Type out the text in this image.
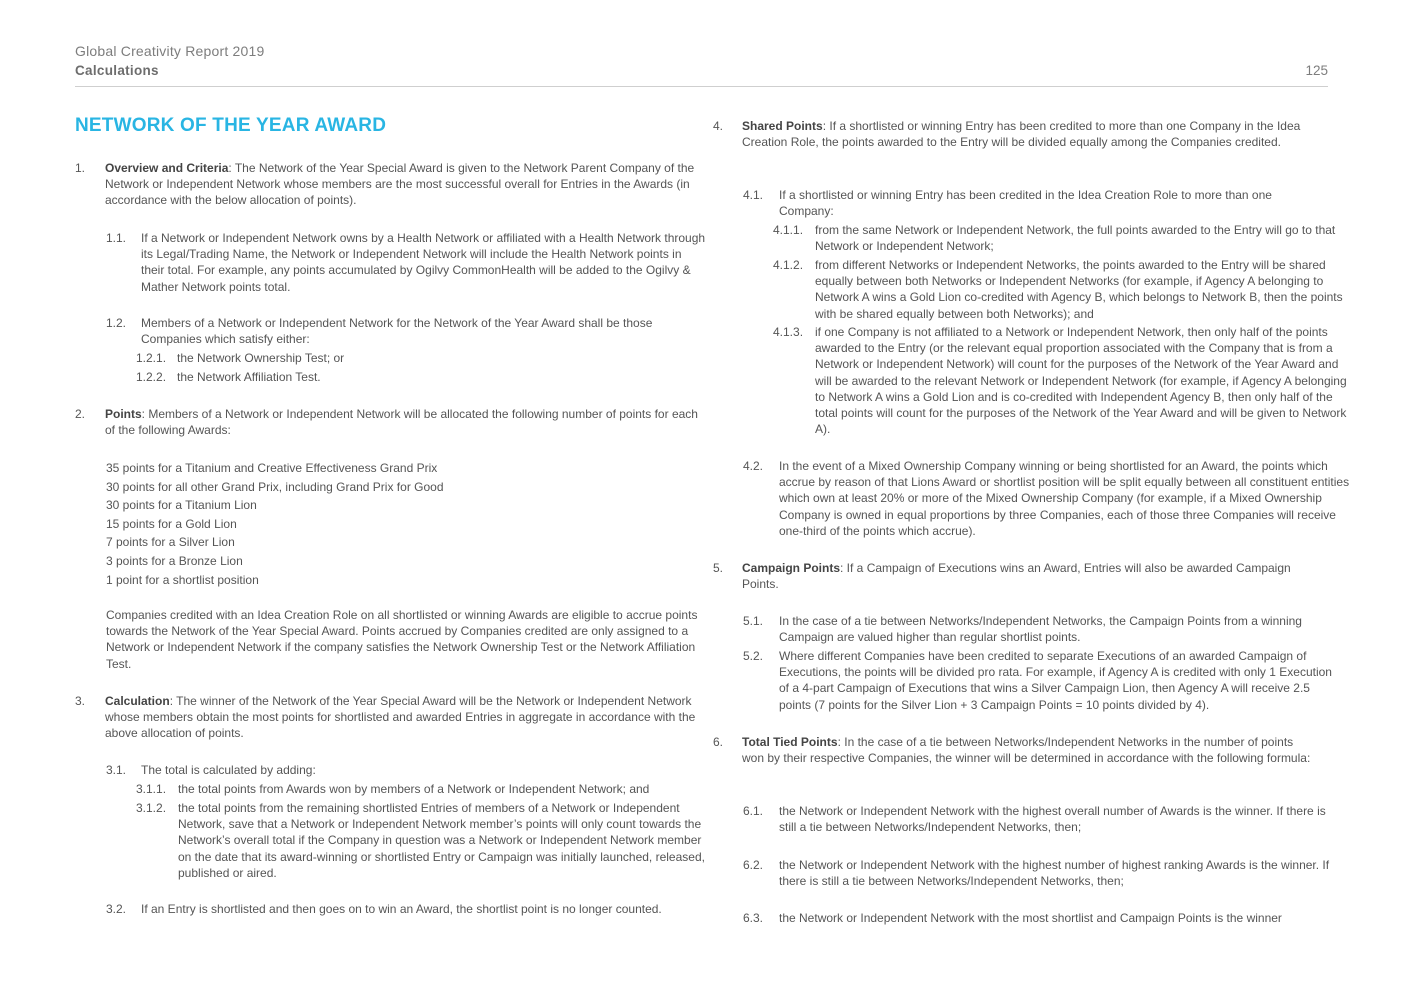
Global Creativity Report 2019
Calculations	125
NETWORK OF THE YEAR AWARD
1.	Overview and Criteria: The Network of the Year Special Award is given to the Network Parent Company of the Network or Independent Network whose members are the most successful overall for Entries in the Awards (in accordance with the below allocation of points).
1.1.	If a Network or Independent Network owns by a Health Network or affiliated with a Health Network through its Legal/Trading Name, the Network or Independent Network will include the Health Network points in their total. For example, any points accumulated by Ogilvy CommonHealth will be added to the Ogilvy & Mather Network points total.
1.2.	Members of a Network or Independent Network for the Network of the Year Award shall be those Companies which satisfy either:
1.2.1. the Network Ownership Test; or
1.2.2. the Network Affiliation Test.
2.	Points: Members of a Network or Independent Network will be allocated the following number of points for each of the following Awards:
35 points for a Titanium and Creative Effectiveness Grand Prix
30 points for all other Grand Prix, including Grand Prix for Good
30 points for a Titanium Lion
15 points for a Gold Lion
7 points for a Silver Lion
3 points for a Bronze Lion
1 point for a shortlist position
Companies credited with an Idea Creation Role on all shortlisted or winning Awards are eligible to accrue points towards the Network of the Year Special Award. Points accrued by Companies credited are only assigned to a Network or Independent Network if the company satisfies the Network Ownership Test or the Network Affiliation Test.
3.	Calculation: The winner of the Network of the Year Special Award will be the Network or Independent Network whose members obtain the most points for shortlisted and awarded Entries in aggregate in accordance with the above allocation of points.
3.1.	The total is calculated by adding:
3.1.1. the total points from Awards won by members of a Network or Independent Network; and
3.1.2. the total points from the remaining shortlisted Entries of members of a Network or Independent Network, save that a Network or Independent Network member’s points will only count towards the Network’s overall total if the Company in question was a Network or Independent Network member on the date that its award-winning or shortlisted Entry or Campaign was initially launched, released, published or aired.
3.2.	If an Entry is shortlisted and then goes on to win an Award, the shortlist point is no longer counted.
4.	Shared Points: If a shortlisted or winning Entry has been credited to more than one Company in the Idea Creation Role, the points awarded to the Entry will be divided equally among the Companies credited.
4.1.	If a shortlisted or winning Entry has been credited in the Idea Creation Role to more than one Company:
4.1.1. from the same Network or Independent Network, the full points awarded to the Entry will go to that Network or Independent Network;
4.1.2. from different Networks or Independent Networks, the points awarded to the Entry will be shared equally between both Networks or Independent Networks (for example, if Agency A belonging to Network A wins a Gold Lion co-credited with Agency B, which belongs to Network B, then the points with be shared equally between both Networks); and
4.1.3. if one Company is not affiliated to a Network or Independent Network, then only half of the points awarded to the Entry (or the relevant equal proportion associated with the Company that is from a Network or Independent Network) will count for the purposes of the Network of the Year Award and will be awarded to the relevant Network or Independent Network (for example, if Agency A belonging to Network A wins a Gold Lion and is co-credited with Independent Agency B, then only half of the total points will count for the purposes of the Network of the Year Award and will be given to Network A).
4.2.	In the event of a Mixed Ownership Company winning or being shortlisted for an Award, the points which accrue by reason of that Lions Award or shortlist position will be split equally between all constituent entities which own at least 20% or more of the Mixed Ownership Company (for example, if a Mixed Ownership Company is owned in equal proportions by three Companies, each of those three Companies will receive one-third of the points which accrue).
5.	Campaign Points: If a Campaign of Executions wins an Award, Entries will also be awarded Campaign Points.
5.1.	In the case of a tie between Networks/Independent Networks, the Campaign Points from a winning Campaign are valued higher than regular shortlist points.
5.2.	Where different Companies have been credited to separate Executions of an awarded Campaign of Executions, the points will be divided pro rata. For example, if Agency A is credited with only 1 Execution of a 4-part Campaign of Executions that wins a Silver Campaign Lion, then Agency A will receive 2.5 points (7 points for the Silver Lion + 3 Campaign Points = 10 points divided by 4).
6.	Total Tied Points: In the case of a tie between Networks/Independent Networks in the number of points won by their respective Companies, the winner will be determined in accordance with the following formula:
6.1.	the Network or Independent Network with the highest overall number of Awards is the winner. If there is still a tie between Networks/Independent Networks, then;
6.2.	the Network or Independent Network with the highest number of highest ranking Awards is the winner. If there is still a tie between Networks/Independent Networks, then;
6.3.	the Network or Independent Network with the most shortlist and Campaign Points is the winner
